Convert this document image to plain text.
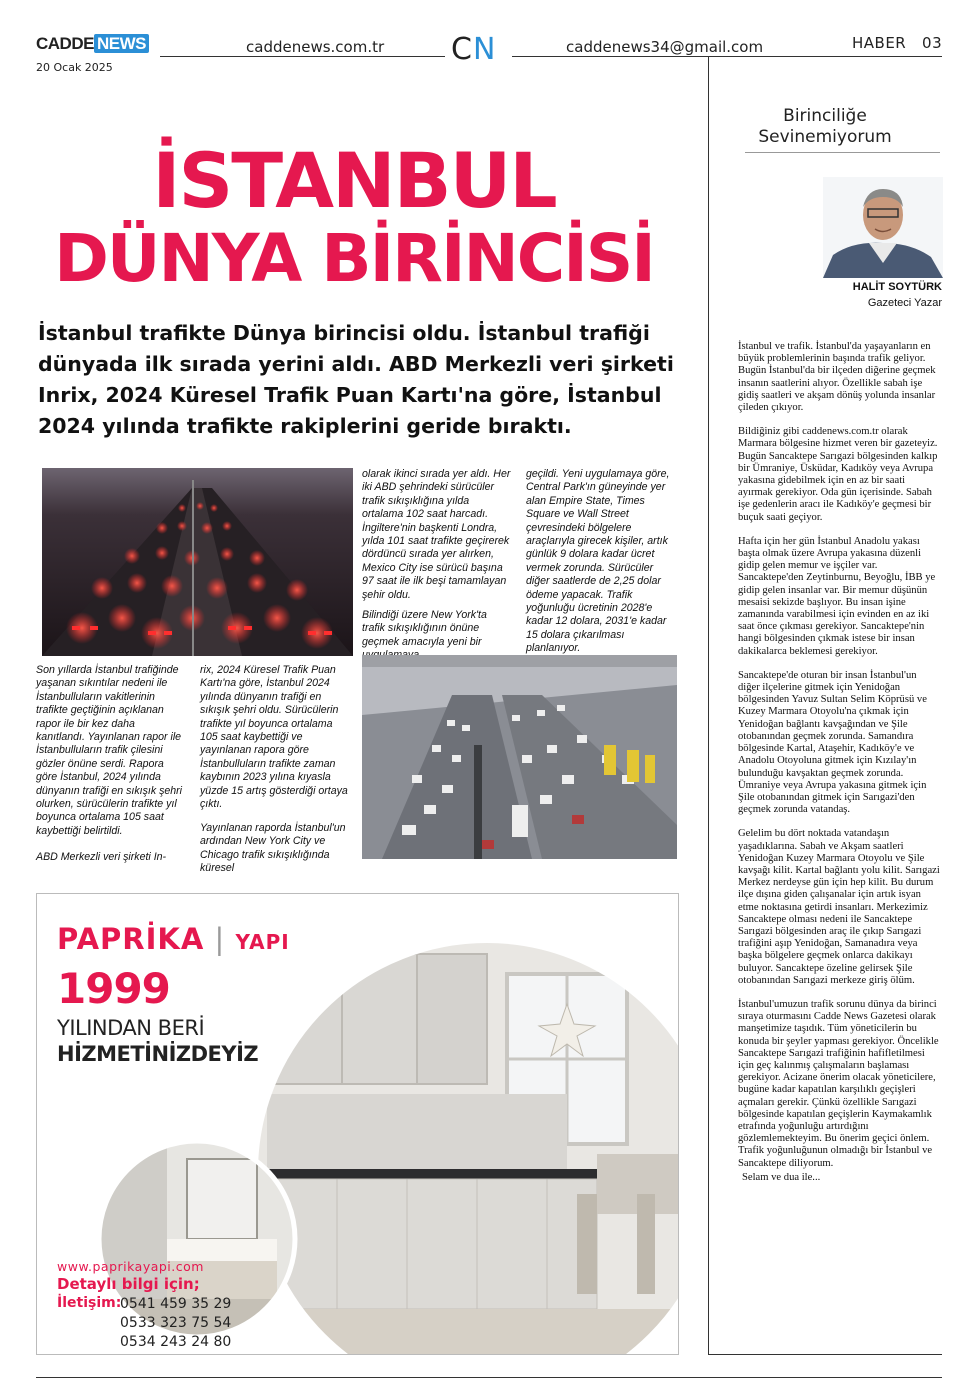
CADDE NEWS
20 Ocak 2025
caddenews.com.tr CN	caddenews34@gmail.com	HABER 03
İSTANBUL
DÜNYA BİRİNCİSİ
İstanbul trafikte Dünya birincisi oldu. İstanbul trafiği dünyada ilk sırada yerini aldı. ABD Merkezli veri şirketi Inrix, 2024 Küresel Trafik Puan Kartı'na göre, İstanbul 2024 yılında trafikte rakiplerini geride bıraktı.
Son yıllarda İstanbul trafiğinde yaşanan sıkıntılar nedeni ile İstanbulluların vakitlerinin trafikte geçtiğinin açıklanan rapor ile bir kez daha kanıtlandı. Yayınlanan rapor ile İstanbulluların trafik çilesini gözler önüne serdi. Rapora göre İstanbul, 2024 yılında dünyanın trafiği en sıkışık şehri olurken, sürücülerin trafikte yıl boyunca ortalama 105 saat kaybettiği belirtildi.
ABD Merkezli veri şirketi In-
rix, 2024 Küresel Trafik Puan Kartı'na göre, İstanbul 2024 yılında dünyanın trafiği en sıkışık şehri oldu. Sürücülerin trafikte yıl boyunca ortalama 105 saat kaybettiği ve yayınlanan rapora göre İstanbulluların trafikte zaman kaybının 2023 yılına kıyasla yüzde 15 artış gösterdiği ortaya çıktı.
Yayınlanan raporda İstanbul'un ardından New York City ve Chicago trafik sıkışıklığında küresel
olarak ikinci sırada yer aldı. Her iki ABD şehrindeki sürücüler trafik sıkışıklığına yılda ortalama 102 saat harcadı. İngiltere'nin başkenti Londra, yılda 101 saat trafikte geçirerek dördüncü sırada yer alırken, Mexico City ise sürücü başına 97 saat ile ilk beşi tamamlayan şehir oldu.
Bilindiği üzere New York'ta trafik sıkışıklığının önüne geçmek amacıyla yeni bir
geçildi. Yeni uygulamaya göre, Central Park'ın güneyinde yer alan Empire State, Times Square ve Wall Street çevresindeki bölgelere araçlarıyla girecek kişiler, artık günlük 9 dolara kadar ücret vermek zorunda. Sürücüler diğer saatlerde de 2,25 dolar ödeme yapacak. Trafik yoğunluğu ücretinin 2028'e kadar 12 dolara, 2031'e kadar 15 dolara çıkarılması planlanıyor.
PAPRİKA | YAPI
1999
YILINDAN BERİ
HİZMETİNİZDEYİZ
www.paprikayapi.com
Detaylı bilgi için;
İletişim:
0541 459 35 29
0533 323 75 54
0534 243 24 80
Birinciliğe
Sevinemiyorum
HALİT SOYTÜRK
Gazeteci Yazar

İstanbul ve trafik. İstanbul'da yaşayanların en büyük problemlerinin başında trafik geliyor. Bugün İstanbul'da bir ilçeden diğerine geçmek insanın saatlerini alıyor. Özellikle sabah işe gidiş saatleri ve akşam dönüş yolunda insanlar çileden çıkıyor.

Bildiğiniz gibi caddenews.com.tr olarak Marmara bölgesine hizmet veren bir gazeteyiz. Bugün Sancaktepe Sarıgazi bölgesinden kalkıp bir Ümraniye, Üsküdar, Kadıköy veya Avrupa yakasına gidebilmek için en az bir saati ayırmak gerekiyor. Oda gün içerisinde. Sabah işe gedenlerin aracı ile Kadıköy'e geçmesi bir buçuk saati geçiyor.

Hafta için her gün İstanbul Anadolu yakası başta olmak üzere Avrupa yakasına düzenli gidip gelen memur ve işçiler var. Sancaktepe'den Zeytinburnu, Beyoğlu, İBB ye gidip gelen insanlar var. Bir memur düşünün mesaisi sekizde başlıyor. Bu insan işine zamanında varabilmesi için evinden en az iki saat önce çıkması gerekiyor. Sancaktepe'nin hangi bölgesinden çıkmak istese bir insan dakikalarca beklemesi gerekiyor.

Sancaktepe'de oturan bir insan İstanbul'un diğer ilçelerine gitmek için Yenidoğan bölgesinden Yavuz Sultan Selim Köprüsü ve Kuzey Marmara Otoyolu'na çıkmak için Yenidoğan bağlantı kavşağından ve Şile otobanından geçmek zorunda. Samandıra bölgesinde Kartal, Ataşehir, Kadıköy'e ve Anadolu Otoyoluna gitmek için Kızılay'ın bulunduğu kavşaktan geçmek zorunda. Ümraniye veya Avrupa yakasına gitmek için Şile otobanından gitmek için Sarıgazi'den geçmek zorunda vatandaş.

Gelelim bu dört noktada vatandaşın yaşadıklarına. Sabah ve Akşam saatleri Yenidoğan Kuzey Marmara Otoyolu ve Şile kavşağı kilit. Kartal bağlantı yolu kilit. Sarıgazi Merkez nerdeyse gün için hep kilit. Bu durum ilçe dışına giden çalışanalar için artık isyan etme noktasına getirdi insanları. Merkezimiz Sancaktepe olması nedeni ile Sancaktepe Sarıgazi bölgesinden araç ile çıkıp Sarıgazi trafiğini aşıp Yenidoğan, Samanadıra veya başka bölgelere geçmek onlarca dakikayı buluyor. Sancaktepe özeline gelirsek Şile otobanından Sarıgazi merkeze giriş ölüm.

İstanbul'umuzun trafik sorunu dünya da birinci sıraya oturmasını Cadde News Gazetesi olarak manşetimize taşıdık. Tüm yöneticilerin bu konuda bir şeyler yapması gerekiyor. Öncelikle Sancaktepe Sarıgazi trafiğinin hafifletilmesi için geç kalınmış çalışmaların başlaması gerekiyor. Acizane önerim olacak yöneticilere, bugüne kadar kapatılan karşılıklı geçişleri açmaları gerekir. Çünkü özellikle Sarıgazi bölgesinde kapatılan geçişlerin Kaymakamlık etrafında yoğunluğu artırdığını gözlemlemekteyim. Bu önerim geçici önlem. Trafik yoğunluğunun olmadığı bir İstanbul ve Sancaktepe diliyorum.

Selam ve dua ile...
